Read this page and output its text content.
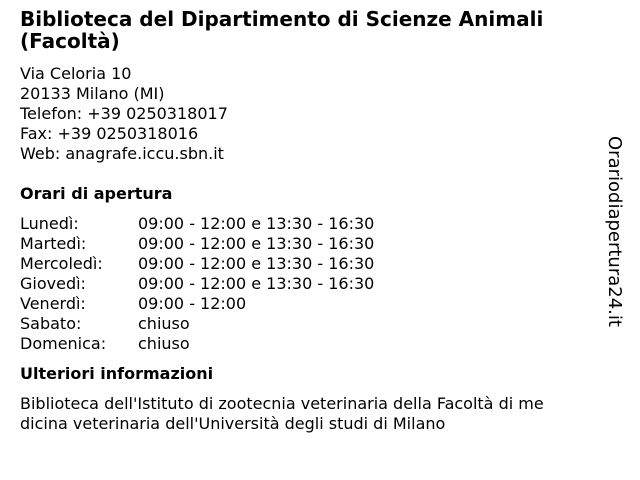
Biblioteca del Dipartimento di Scienze Animali (Facoltà)
Via Celoria 10
20133 Milano (MI)
Telefon: +39 0250318017
Fax: +39 0250318016
Web: anagrafe.iccu.sbn.it
Orari di apertura
Lunedì:	09:00 - 12:00 e 13:30 - 16:30
Martedì:	09:00 - 12:00 e 13:30 - 16:30
Mercoledì:	09:00 - 12:00 e 13:30 - 16:30
Giovedì:	09:00 - 12:00 e 13:30 - 16:30
Venerdì:	09:00 - 12:00
Sabato:	chiuso
Domenica:	chiuso
Ulteriori informazioni
Biblioteca dell'Istituto di zootecnia veterinaria della Facoltà di medicina veterinaria dell'Università degli studi di Milano
Orariodiapertura24.it
